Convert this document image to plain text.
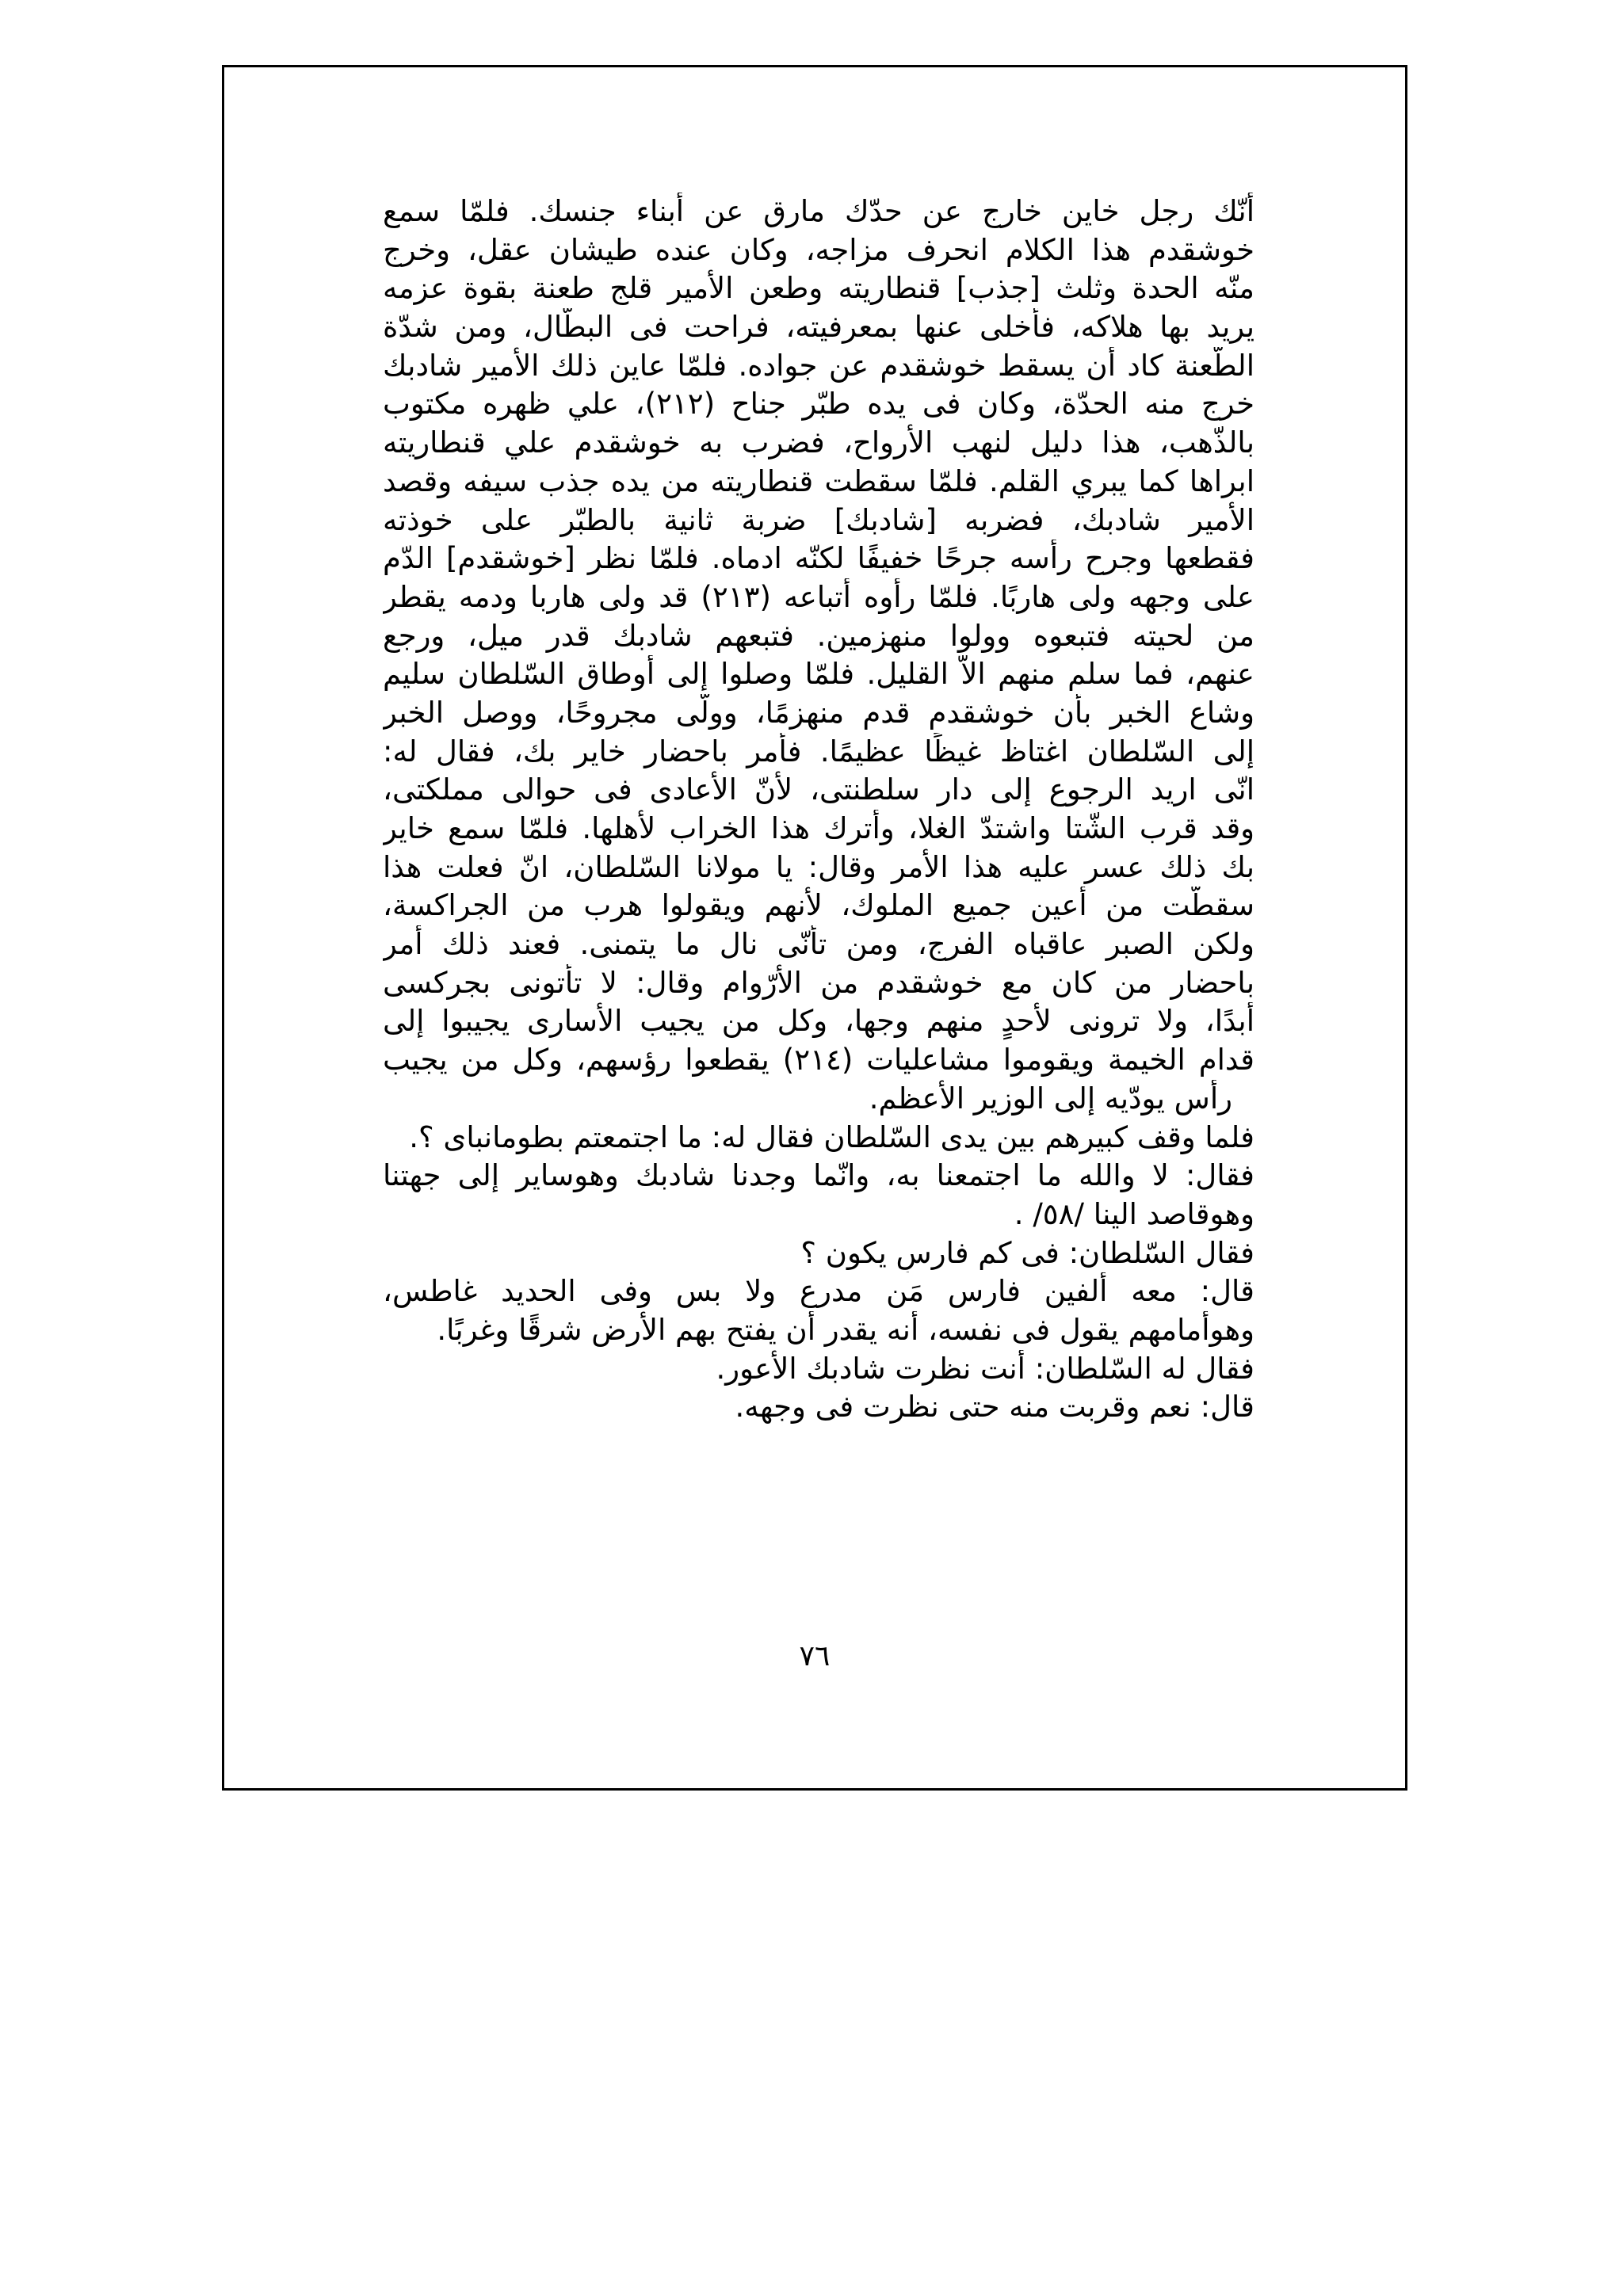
أنّك رجل خاين خارج عن حدّك مارق عن أبناء جنسك. فلمّا سمع
خوشقدم هذا الكلام انحرف مزاجه، وكان عنده طيشان عقل، وخرج
منّه الحدة وثلث [جذب] قنطاريته وطعن الأمير قلج طعنة بقوة عزمه
يريد بها هلاكه، فأخلى عنها بمعرفيته، فراحت فى البطّال، ومن شدّة
الطّعنة كاد أن يسقط خوشقدم عن جواده. فلمّا عاين ذلك الأمير شادبك
خرج منه الحدّة، وكان فى يده طبّر جناح (٢١٢)، علي ظهره مكتوب
بالذّهب، هذا دليل لنهب الأرواح، فضرب به خوشقدم علي قنطاريته
ابراها كما يبري القلم. فلمّا سقطت قنطاريته من يده جذب سيفه وقصد
الأمير شادبك، فضربه [شادبك] ضربة ثانية بالطبّر على خوذته
فقطعها وجرح رأسه جرحًا خفيفًا لكنّه ادماه. فلمّا نظر [خوشقدم] الدّم
على وجهه ولى هاربًا. فلمّا رأوه أتباعه (٢١٣) قد ولى هاربا ودمه يقطر
من لحيته فتبعوه وولوا منهزمين. فتبعهم شادبك قدر ميل، ورجع
عنهم، فما سلم منهم الاّ القليل. فلمّا وصلوا إلى أوطاق السّلطان سليم
وشاع الخبر بأن خوشقدم قدم منهزمًا، وولّى مجروحًا، ووصل الخبر
إلى السّلطان اغتاظ غيظًا عظيمًا. فأمر باحضار خاير بك، فقال له:
انّى اريد الرجوع إلى دار سلطنتى، لأنّ الأعادى فى حوالى مملكتى،
وقد قرب الشّتا واشتدّ الغلا، وأترك هذا الخراب لأهلها. فلمّا سمع خاير
بك ذلك عسر عليه هذا الأمر وقال: يا مولانا السّلطان، انّ فعلت هذا
سقطّت من أعين جميع الملوك، لأنهم ويقولوا هرب من الجراكسة،
ولكن الصبر عاقباه الفرج، ومن تأنّى نال ما يتمنى. فعند ذلك أمر
باحضار من كان مع خوشقدم من الأرّوام وقال: لا تأتونى بجركسى
أبدًا، ولا ترونى لأحدٍ منهم وجها، وكل من يجيب الأسارى يجيبوا إلى
قدام الخيمة ويقوموا مشاعليات (٢١٤) يقطعوا رؤسهم، وكل من يجيب
رأس يودّيه إلى الوزير الأعظم.
فلما وقف كبيرهم بين يدى السّلطان فقال له: ما اجتمعتم بطومانباى ؟.
فقال: لا والله ما اجتمعنا به، وانّما وجدنا شادبك وهوساير إلى جهتنا
وهوقاصد الينا /٥٨/ .
فقال السّلطان: فى كم فارسٍ يكون ؟
قال: معه ألفين فارس مَن مدرع ولا بس وفى الحديد غاطس،
وهوأمامهم يقول فى نفسه، أنه يقدر أن يفتح بهم الأرض شرقًا وغربًا.
فقال له السّلطان: أنت نظرت شادبك الأعور.
قال: نعم وقربت منه حتى نظرت فى وجهه.
٧٦
